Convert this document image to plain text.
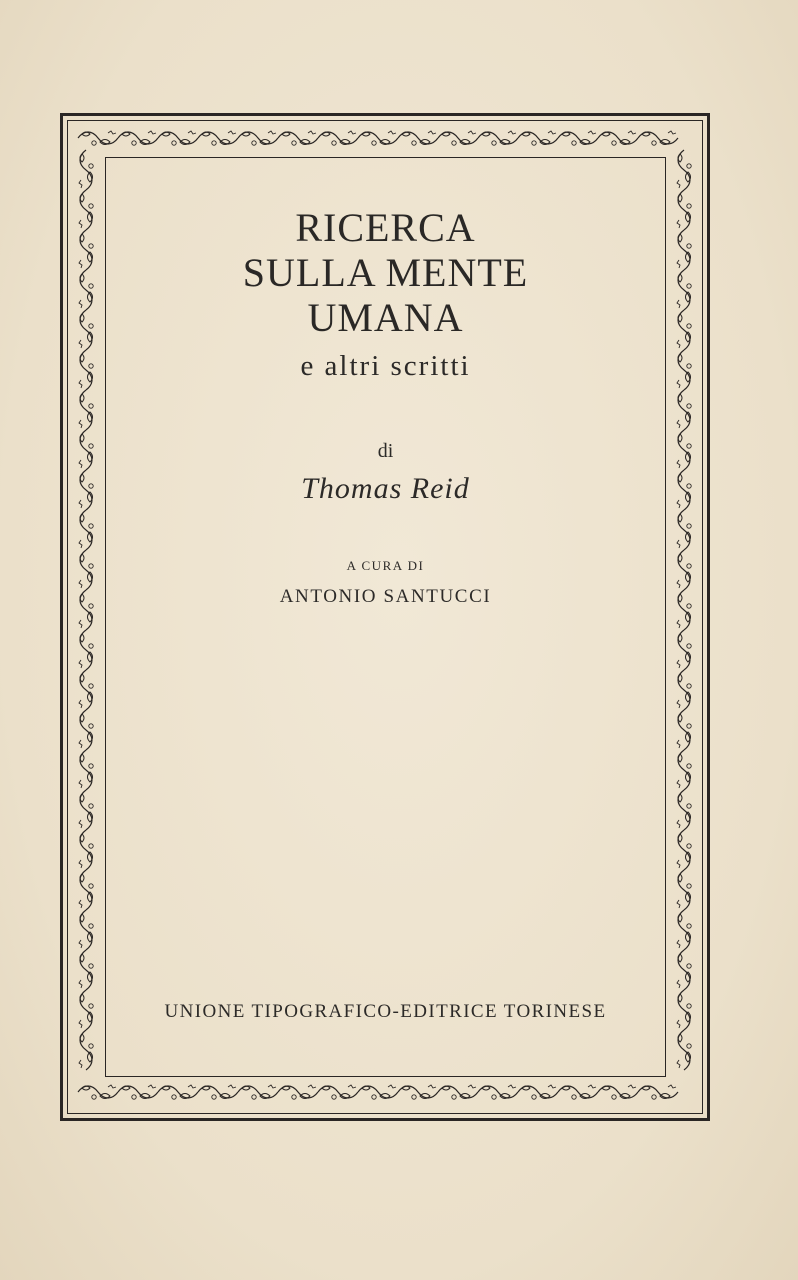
RICERCA
SULLA MENTE
UMANA
e altri scritti
di
Thomas Reid
A CURA DI
ANTONIO SANTUCCI
UNIONE TIPOGRAFICO-EDITRICE TORINESE
